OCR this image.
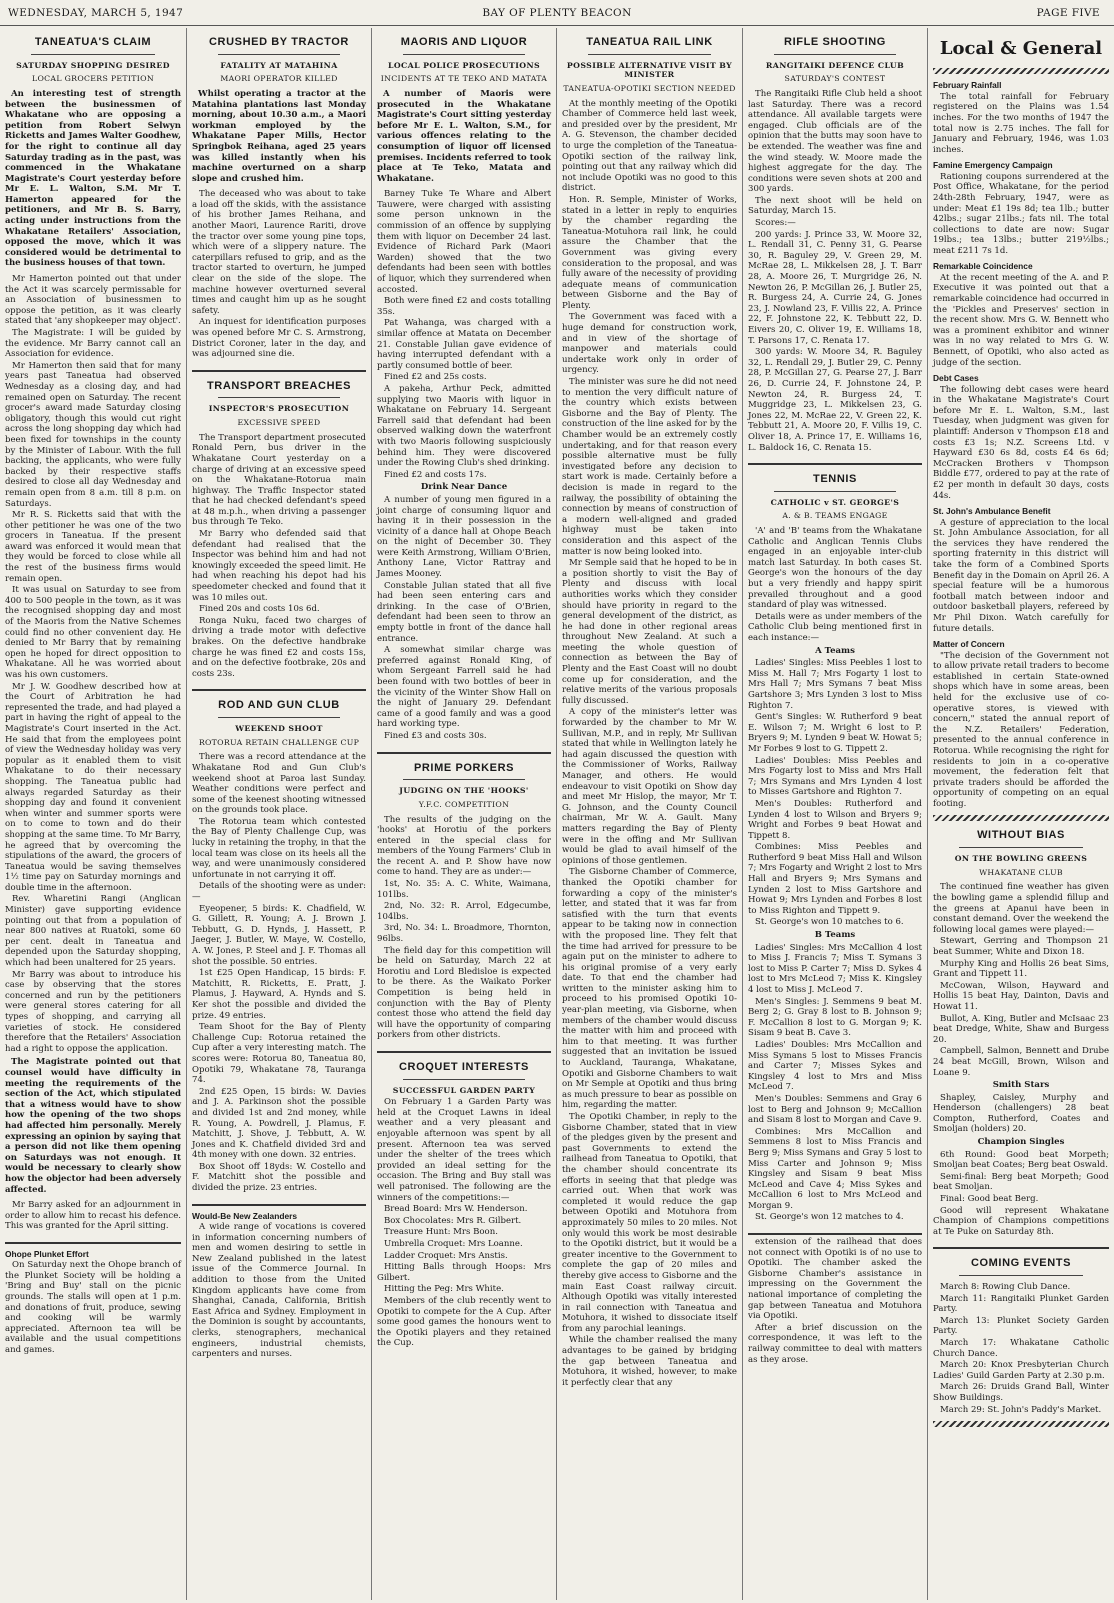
WEDNESDAY, MARCH 5, 1947	BAY OF PLENTY BEACON	PAGE FIVE
TANEATUA'S CLAIM
SATURDAY SHOPPING DESIRED
LOCAL GROCERS PETITION

An interesting test of strength between the businessmen of Whakatane who are opposing a petition from Robert Selwyn Ricketts and James Walter Goodhew, for the right to continue all day Saturday trading as in the past, was commenced in the Whakatane Magistrate's Court yesterday before Mr E. L. Walton, S.M. Mr T. Hamerton appeared for the petitioners, and Mr B. S. Barry, acting under instructions from the Whakatane Retailers' Association, opposed the move, which it was considered would be detrimental to the business houses of that town.

Mr Hamerton pointed out that under the Act it was scarcely permissable for an Association of businessmen to oppose the petition, as it was clearly stated that 'any shopkeeper may object'.

The Magistrate: I will be guided by the evidence. Mr Barry cannot call an Association for evidence.

Mr Hamerton then said that for many years past Taneatua had observed Wednesday as a closing day, and had remained open on Saturday. The recent grocer's award made Saturday closing obligatory, though this would cut right across the long shopping day which had been fixed for townships in the county by the Minister of Labour. With the full backing, the applicants, who were fully backed by their respective staffs desired to close all day Wednesday and remain open from 8 a.m. till 8 p.m. on Saturdays.

Mr R. S. Ricketts said that with the other petitioner he was one of the two grocers in Taneatua. If the present award was enforced it would mean that they would be forced to close while all the rest of the business firms would remain open.

It was usual on Saturday to see from 400 to 500 people in the town, as it was the recognised shopping day and most of the Maoris from the Native Schemes could find no other convenient day. He denied to Mr Barry that by remaining open he hoped for direct opposition to Whakatane. All he was worried about was his own customers.

Mr J. W. Goodhew described how at the Court of Arbitration he had represented the trade, and had played a part in having the right of appeal to the Magistrate's Court inserted in the Act. He said that from the employees point of view the Wednesday holiday was very popular as it enabled them to visit Whakatane to do their necessary shopping. The Taneatua public had always regarded Saturday as their shopping day and found it convenient when winter and summer sports were on to come to town and do their shopping at the same time. To Mr Barry, he agreed that by overcoming the stipulations of the award, the grocers of Taneatua would be saving themselves 1½ time pay on Saturday mornings and double time in the afternoon.

Rev. Wharetini Rangi (Anglican Minister) gave supporting evidence pointing out that from a population of near 800 natives at Ruatoki, some 60 per cent. dealt in Taneatua and depended upon the Saturday shopping, which had been unaltered for 25 years.

Mr Barry was about to introduce his case by observing that the stores concerned and run by the petitioners were general stores catering for all types of shopping, and carrying all varieties of stock. He considered therefore that the Retailers' Association had a right to oppose the application.

The Magistrate pointed out that counsel would have difficulty in meeting the requirements of the section of the Act, which stipulated that a witness would have to show how the opening of the two shops had affected him personally. Merely expressing an opinion by saying that a person did not like them opening on Saturdays was not enough. It would be necessary to clearly show how the objector had been adversely affected.

Mr Barry asked for an adjournment in order to allow him to recast his defence. This was granted for the April sitting.

Ohope Plunket Effort

On Saturday next the Ohope branch of the Plunket Society will be holding a 'Bring and Buy' stall on the picnic grounds. The stalls will open at 1 p.m. and donations of fruit, produce, sewing and cooking will be warmly appreciated. Afternoon tea will be available and the usual competitions and games.

CRUSHED BY TRACTOR
FATALITY AT MATAHINA
MAORI OPERATOR KILLED

Whilst operating a tractor at the Matahina plantations last Monday morning, about 10.30 a.m., a Maori workman employed by the Whakatane Paper Mills, Hector Springbok Reihana, aged 25 years was killed instantly when his machine overturned on a sharp slope and crushed him.

The deceased who was about to take a load off the skids, with the assistance of his brother James Reihana, and another Maori, Laurence Rariti, drove the tractor over some young pine tops, which were of a slippery nature. The caterpillars refused to grip, and as the tractor started to overturn, he jumped clear on the side of the slope. The machine however overturned several times and caught him up as he sought safety.

An inquest for identification purposes was opened before Mr C. S. Armstrong, District Coroner, later in the day, and was adjourned sine die.

TRANSPORT BREACHES
INSPECTOR'S PROSECUTION
EXCESSIVE SPEED

The Transport department prosecuted Ronald Pern, bus driver in the Whakatane Court yesterday on a charge of driving at an excessive speed on the Whakatane-Rotorua main highway. The Traffic Inspector stated that he had checked defendant's speed at 48 m.p.h., when driving a passenger bus through Te Teko.

Mr Barry who defended said that defendant had realised that the Inspector was behind him and had not knowingly exceeded the speed limit. He had when reaching his depot had his speedometer checked and found that it was 10 miles out.

Fined 20s and costs 10s 6d.

Ronga Nuku, faced two charges of driving a trade motor with defective brakes. On the defective handbrake charge he was fined £2 and costs 15s, and on the defective footbrake, 20s and costs 23s.

ROD AND GUN CLUB
WEEKEND SHOOT
ROTORUA RETAIN CHALLENGE CUP

There was a record attendance at the Whakatane Rod and Gun Club's weekend shoot at Paroa last Sunday. Weather conditions were perfect and some of the keenest shooting witnessed on the grounds took place.

The Rotorua team which contested the Bay of Plenty Challenge Cup, was lucky in retaining the trophy, in that the local team was close on its heels all the way, and were unanimously considered unfortunate in not carrying it off.

Details of the shooting were as under:—

Eyeopener, 5 birds: K. Chadfield, W. G. Gillett, R. Young; A. J. Brown J. Tebbutt, G. D. Hynds, J. Hassett, P. Jaeger, J. Butler, W. Maye, W. Costello, A. W. Jones, P. Steel and J. F. Thomas all shot the possible. 50 entries.

1st £25 Open Handicap, 15 birds: F. Matchitt, R. Ricketts, E. Pratt, J. Plamus, J. Hayward, A. Hynds and S. Ker shot the possible and divided the prize. 49 entries.

Team Shoot for the Bay of Plenty Challenge Cup: Rotorua retained the Cup after a very interesting match. The scores were: Rotorua 80, Taneatua 80, Opotiki 79, Whakatane 78, Tauranga 74.

2nd £25 Open, 15 birds: W. Davies and J. A. Parkinson shot the possible and divided 1st and 2nd money, while R. Young, A. Powdrell, J. Plamus, F. Matchitt, J. Shove, J. Tebbutt, A. W. Jones and K. Chatfield divided 3rd and 4th money with one down. 32 entries.

Box Shoot off 18yds: W. Costello and F. Matchitt shot the possible and divided the prize. 23 entries.

Would-Be New Zealanders

A wide range of vocations is covered in information concerning numbers of men and women desiring to settle in New Zealand published in the latest issue of the Commerce Journal. In addition to those from the United Kingdom applicants have come from Shanghai, Canada, California, British East Africa and Sydney. Employment in the Dominion is sought by accountants, clerks, stenographers, mechanical engineers, industrial chemists, carpenters and nurses.

MAORIS AND LIQUOR
LOCAL POLICE PROSECUTIONS
INCIDENTS AT TE TEKO AND MATATA

A number of Maoris were prosecuted in the Whakatane Magistrate's Court sitting yesterday before Mr E. L. Walton, S.M., for various offences relating to the consumption of liquor off licensed premises. Incidents referred to took place at Te Teko, Matata and Whakatane.

Barney Tuke Te Whare and Albert Tauwere, were charged with assisting some person unknown in the commission of an offence by supplying them with liquor on December 24 last. Evidence of Richard Park (Maori Warden) showed that the two defendants had been seen with bottles of liquor, which they surrendered when accosted.

Both were fined £2 and costs totalling 35s.

Pat Wahanga, was charged with a similar offence at Matata on December 21. Constable Julian gave evidence of having interrupted defendant with a partly consumed bottle of beer.

Fined £2 and 25s costs.

A pakeha, Arthur Peck, admitted supplying two Maoris with liquor in Whakatane on February 14. Sergeant Farrell said that defendant had been observed walking down the waterfront with two Maoris following suspiciously behind him. They were discovered under the Rowing Club's shed drinking.

Fined £2 and costs 17s.

Drink Near Dance

A number of young men figured in a joint charge of consuming liquor and having it in their possession in the vicinity of a dance hall at Ohope Beach on the night of December 30. They were Keith Armstrong, William O'Brien, Anthony Lane, Victor Rattray and James Mooney.

Constable Julian stated that all five had been seen entering cars and drinking. In the case of O'Brien, defendant had been seen to throw an empty bottle in front of the dance hall entrance.

A somewhat similar charge was preferred against Ronald King, of whom Sergeant Farrell said he had been found with two bottles of beer in the vicinity of the Winter Show Hall on the night of January 29. Defendant came of a good family and was a good hard working type.

Fined £3 and costs 30s.

PRIME PORKERS
JUDGING ON THE 'HOOKS'
Y.F.C. COMPETITION

The results of the judging on the 'hooks' at Horotiu of the porkers entered in the special class for members of the Young Farmers' Club in the recent A. and P. Show have now come to hand. They are as under:—

1st, No. 35: A. C. White, Waimana, 101lbs.

2nd, No. 32: R. Arrol, Edgecumbe, 104lbs.

3rd, No. 34: L. Broadmore, Thornton, 96lbs.

The field day for this competition will be held on Saturday, March 22 at Horotiu and Lord Bledisloe is expected to be there. As the Waikato Porker Competition is being held in conjunction with the Bay of Plenty contest those who attend the field day will have the opportunity of comparing porkers from other districts.

CROQUET INTERESTS
SUCCESSFUL GARDEN PARTY

On February 1 a Garden Party was held at the Croquet Lawns in ideal weather and a very pleasant and enjoyable afternoon was spent by all present. Afternoon tea was served under the shelter of the trees which provided an ideal setting for the occasion. The Bring and Buy stall was well patronised. The following are the winners of the competitions:—

Bread Board: Mrs W. Henderson.

Box Chocolates: Mrs R. Gilbert.

Treasure Hunt: Mrs Boon.

Umbrella Croquet: Mrs Loanne.

Ladder Croquet: Mrs Anstis.

Hitting Balls through Hoops: Mrs Gilbert.

Hitting the Peg: Mrs White.

Members of the club recently went to Opotiki to compete for the A Cup. After some good games the honours went to the Opotiki players and they retained the Cup.

TANEATUA RAIL LINK
POSSIBLE ALTERNATIVE VISIT BY MINISTER
TANEATUA-OPOTIKI SECTION NEEDED

At the monthly meeting of the Opotiki Chamber of Commerce held last week, and presided over by the president, Mr A. G. Stevenson, the chamber decided to urge the completion of the Taneatua-Opotiki section of the railway link, pointing out that any railway which did not include Opotiki was no good to this district.

Hon. R. Semple, Minister of Works, stated in a letter in reply to enquiries by the chamber regarding the Taneatua-Motuhora rail link, he could assure the Chamber that the Government was giving every consideration to the proposal, and was fully aware of the necessity of providing adequate means of communication between Gisborne and the Bay of Plenty.

The Government was faced with a huge demand for construction work, and in view of the shortage of manpower and materials could undertake work only in order of urgency.

The minister was sure he did not need to mention the very difficult nature of the country which exists between Gisborne and the Bay of Plenty. The construction of the line asked for by the Chamber would be an extremely costly undertaking, and for that reason every possible alternative must be fully investigated before any decision to start work is made. Certainly before a decision is made in regard to the railway, the possibility of obtaining the connection by means of construction of a modern well-aligned and graded highway must be taken into consideration and this aspect of the matter is now being looked into.

Mr Semple said that he hoped to be in a position shortly to visit the Bay of Plenty and discuss with local authorities works which they consider should have priority in regard to the general development of the district, as he had done in other regional areas throughout New Zealand. At such a meeting the whole question of connection as between the Bay of Plenty and the East Coast will no doubt come up for consideration, and the relative merits of the various proposals fully discussed.

A copy of the minister's letter was forwarded by the chamber to Mr W. Sullivan, M.P., and in reply, Mr Sullivan stated that while in Wellington lately he had again discussed the question with the Commissioner of Works, Railway Manager, and others. He would endeavour to visit Opotiki on Show day and meet Mr Hislop, the mayor, Mr T. G. Johnson, and the County Council chairman, Mr W. A. Gault. Many matters regarding the Bay of Plenty were in the offing and Mr Sullivan would be glad to avail himself of the opinions of those gentlemen.

The Gisborne Chamber of Commerce, thanked the Opotiki chamber for forwarding a copy of the minister's letter, and stated that it was far from satisfied with the turn that events appear to be taking now in connection with the proposed line. They felt that the time had arrived for pressure to be again put on the minister to adhere to his original promise of a very early date. To that end the chamber had written to the minister asking him to proceed to his promised Opotiki 10-year-plan meeting, via Gisborne, when members of the chamber would discuss the matter with him and proceed with him to that meeting. It was further suggested that an invitation be issued to Auckland, Tauranga, Whakatane, Opotiki and Gisborne Chambers to wait on Mr Semple at Opotiki and thus bring as much pressure to bear as possible on him, regarding the matter.

The Opotiki Chamber, in reply to the Gisborne Chamber, stated that in view of the pledges given by the present and past Governments to extend the railhead from Taneatua to Opotiki, that the chamber should concentrate its efforts in seeing that that pledge was carried out. When that work was completed it would reduce the gap between Opotiki and Motuhora from approximately 50 miles to 20 miles. Not only would this work be most desirable to the Opotiki district, but it would be a greater incentive to the Government to complete the gap of 20 miles and thereby give access to Gisborne and the main East Coast railway circuit. Although Opotiki was vitally interested in rail connection with Taneatua and Motuhora, it wished to dissociate itself from any parochial leanings.

While the chamber realised the many advantages to be gained by bridging the gap between Taneatua and Motuhora, it wished, however, to make it perfectly clear that any

RIFLE SHOOTING
RANGITAIKI DEFENCE CLUB
SATURDAY'S CONTEST

The Rangitaiki Rifle Club held a shoot last Saturday. There was a record attendance. All available targets were engaged. Club officials are of the opinion that the butts may soon have to be extended. The weather was fine and the wind steady. W. Moore made the highest aggregate for the day. The conditions were seven shots at 200 and 300 yards.

The next shoot will be held on Saturday, March 15.

Scores:—

200 yards: J. Prince 33, W. Moore 32, L. Rendall 31, C. Penny 31, G. Pearse 30, R. Baguley 29, V. Green 29, M. McRae 28, L. Mikkelsen 28, J. T. Barr 28, A. Moore 26, T. Murgridge 26, N. Newton 26, P. McGillan 26, J. Butler 25, R. Burgess 24, A. Currie 24, G. Jones 23, J. Nowland 23, F. Villis 22, A. Prince 22, F. Johnstone 22, K. Tebbutt 22, D. Eivers 20, C. Oliver 19, E. Williams 18, T. Parsons 17, C. Renata 17.

300 yards: W. Moore 34, R. Baguley 32, L. Rendall 29, J. Butler 29, C. Penny 28, P. McGillan 27, G. Pearse 27, J. Barr 26, D. Currie 24, F. Johnstone 24, P. Newton 24, R. Burgess 24, T. Muggridge 23, L. Mikkelsen 23, G. Jones 22, M. McRae 22, V. Green 22, K. Tebbutt 21, A. Moore 20, F. Villis 19, C. Oliver 18, A. Prince 17, E. Williams 16, L. Baldock 16, C. Renata 15.

TENNIS
CATHOLIC v ST. GEORGE'S
A. & B. TEAMS ENGAGE

'A' and 'B' teams from the Whakatane Catholic and Anglican Tennis Clubs engaged in an enjoyable inter-club match last Saturday. In both cases St. George's won the honours of the day but a very friendly and happy spirit prevailed throughout and a good standard of play was witnessed.

Details were as under members of the Catholic Club being mentioned first in each instance:—

A Teams

Ladies' Singles: Miss Peebles 1 lost to Miss M. Hall 7; Mrs Fogarty 1 lost to Mrs Hall 7; Mrs Symans 7 beat Miss Gartshore 3; Mrs Lynden 3 lost to Miss Righton 7.

Gent's Singles: W. Rutherford 9 beat E. Wilson 7; M. Wright 6 lost to P. Bryers 9; M. Lynden 9 beat W. Howat 5; Mr Forbes 9 lost to G. Tippett 2.

Ladies' Doubles: Miss Peebles and Mrs Fogarty lost to Miss and Mrs Hall 7; Mrs Symans and Mrs Lynden 4 lost to Misses Gartshore and Righton 7.

Men's Doubles: Rutherford and Lynden 4 lost to Wilson and Bryers 9; Wright and Forbes 9 beat Howat and Tippett 8.

Combines: Miss Peebles and Rutherford 9 beat Miss Hall and Wilson 7; Mrs Fogarty and Wright 2 lost to Mrs Hall and Bryers 9; Mrs Symans and Lynden 2 lost to Miss Gartshore and Howat 9; Mrs Lynden and Forbes 8 lost to Miss Righton and Tippett 9.

St. George's won 10 matches to 6.

B Teams

Ladies' Singles: Mrs McCallion 4 lost to Miss J. Francis 7; Miss T. Symans 3 lost to Miss P. Carter 7; Miss D. Sykes 4 lost to Mrs McLeod 7; Miss K. Kingsley 4 lost to Miss J. McLeod 7.

Men's Singles: J. Semmens 9 beat M. Berg 2; G. Gray 8 lost to B. Johnson 9; F. McCallion 8 lost to G. Morgan 9; K. Sisam 9 beat B. Cave 3.

Ladies' Doubles: Mrs McCallion and Miss Symans 5 lost to Misses Francis and Carter 7; Misses Sykes and Kingsley 4 lost to Mrs and Miss McLeod 7.

Men's Doubles: Semmens and Gray 6 lost to Berg and Johnson 9; McCallion and Sisam 8 lost to Morgan and Cave 9.

Combines: Mrs McCallion and Semmens 8 lost to Miss Francis and Berg 9; Miss Symans and Gray 5 lost to Miss Carter and Johnson 9; Miss Kingsley and Sisam 9 beat Miss McLeod and Cave 4; Miss Sykes and McCallion 6 lost to Mrs McLeod and Morgan 9.

St. George's won 12 matches to 4.

extension of the railhead that does not connect with Opotiki is of no use to Opotiki. The chamber asked the Gisborne Chamber's assistance in impressing on the Government the national importance of completing the gap between Taneatua and Motuhora via Opotiki.

After a brief discussion on the correspondence, it was left to the railway committee to deal with matters as they arose.

Local & General
February Rainfall

The total rainfall for February registered on the Plains was 1.54 inches. For the two months of 1947 the total now is 2.75 inches. The fall for January and February, 1946, was 1.03 inches.

Famine Emergency Campaign

Rationing coupons surrendered at the Post Office, Whakatane, for the period 24th-28th February, 1947, were as under: Meat £1 19s 8d; tea 1lb.; butter 42lbs.; sugar 21lbs.; fats nil. The total collections to date are now: Sugar 19lbs.; tea 13lbs.; butter 219½lbs.; meat £211 7s 1d.

Remarkable Coincidence

At the recent meeting of the A. and P. Executive it was pointed out that a remarkable coincidence had occurred in the 'Pickles and Preserves' section in the recent show. Mrs G. W. Bennett who was a prominent exhibitor and winner was in no way related to Mrs G. W. Bennett, of Opotiki, who also acted as judge of the section.

Debt Cases

The following debt cases were heard in the Whakatane Magistrate's Court before Mr E. L. Walton, S.M., last Tuesday, when judgment was given for plaintiff: Anderson v Thompson £18 and costs £3 1s; N.Z. Screens Ltd. v Hayward £30 6s 8d, costs £4 6s 6d; McCracken Brothers v Thompson Biddle £77, ordered to pay at the rate of £2 per month in default 30 days, costs 44s.

St. John's Ambulance Benefit

A gesture of appreciation to the local St. John Ambulance Association, for all the services they have rendered the sporting fraternity in this district will take the form of a Combined Sports Benefit day in the Domain on April 26. A special feature will be a humorous football match between indoor and outdoor basketball players, refereed by Mr Phil Dixon. Watch carefully for future details.

Matter of Concern

"The decision of the Government not to allow private retail traders to become established in certain State-owned shops which have in some areas, been held for the exclusive use of co-operative stores, is viewed with concern," stated the annual report of the N.Z. Retailers' Federation, presented to the annual conference in Rotorua. While recognising the right for residents to join in a co-operative movement, the federation felt that private traders should be afforded the opportunity of competing on an equal footing.

WITHOUT BIAS
ON THE BOWLING GREENS
WHAKATANE CLUB

The continued fine weather has given the bowling game a splendid fillup and the greens at Apanui have been in constant demand. Over the weekend the following local games were played:—

Stewart, Gerring and Thompson 21 beat Summer, White and Dixon 18.

Murphy King and Hollis 26 beat Sims, Grant and Tippett 11.

McCowan, Wilson, Hayward and Hollis 15 beat Hay, Dainton, Davis and Howat 11.

Bullot, A. King, Butler and McIsaac 23 beat Dredge, White, Shaw and Burgess 20.

Campbell, Salmon, Bennett and Drube 24 beat McGill, Brown, Wilson and Loane 9.

Smith Stars

Shapley, Caisley, Murphy and Henderson (challengers) 28 beat Compton, Rutherford, Coates and Smoljan (holders) 20.

Champion Singles

6th Round: Good beat Morpeth; Smoljan beat Coates; Berg beat Oswald.

Semi-final: Berg beat Morpeth; Good beat Smoljan.

Final: Good beat Berg.

Good will represent Whakatane Champion of Champions competitions at Te Puke on Saturday 8th.

COMING EVENTS

March 8: Rowing Club Dance.

March 11: Rangitaiki Plunket Garden Party.

March 13: Plunket Society Garden Party.

March 17: Whakatane Catholic Church Dance.

March 20: Knox Presbyterian Church Ladies' Guild Garden Party at 2.30 p.m.

March 26: Druids Grand Ball, Winter Show Buildings.

March 29: St. John's Paddy's Market.
